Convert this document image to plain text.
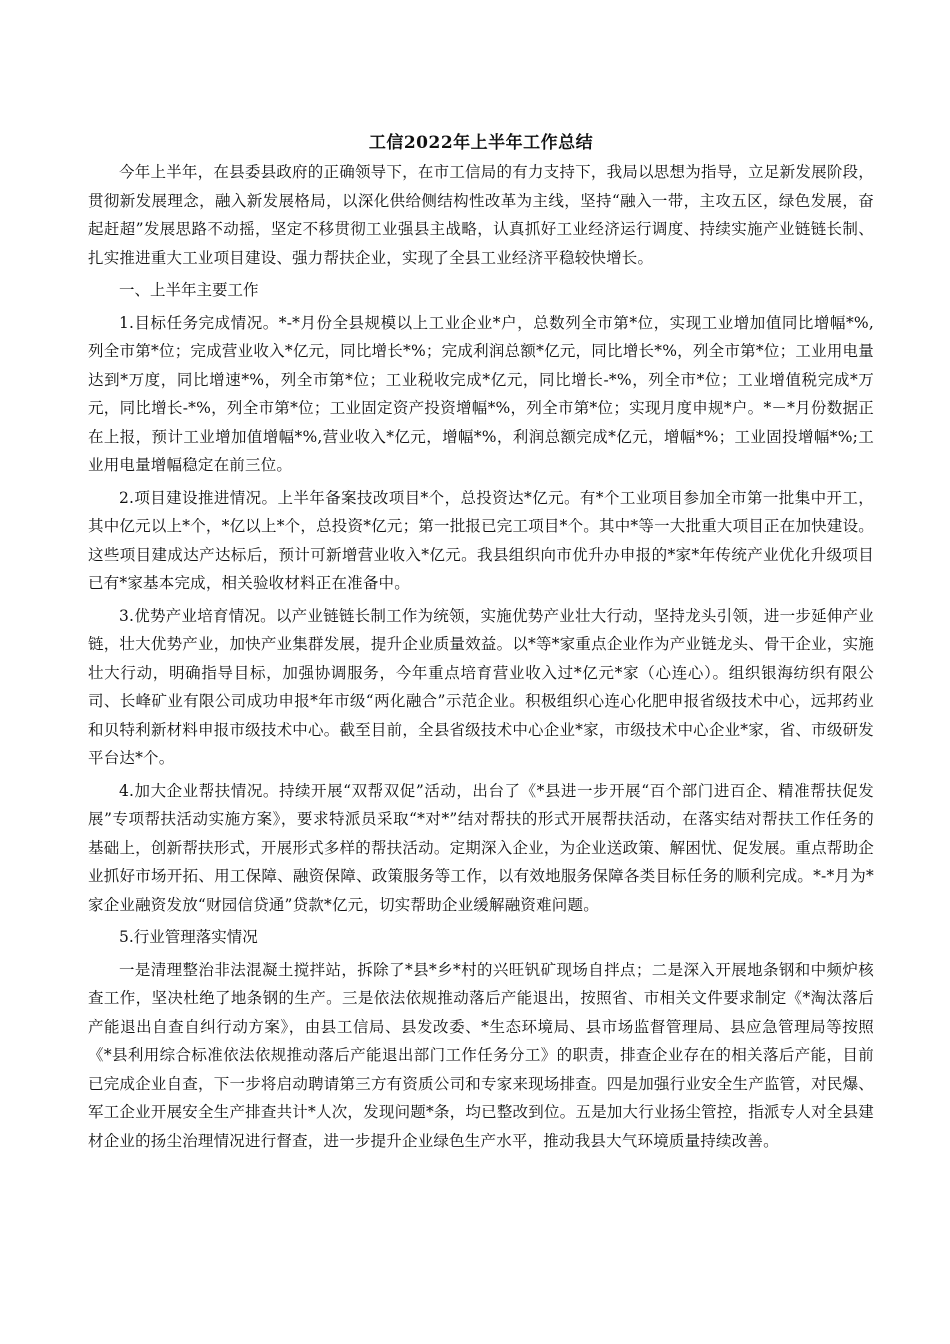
工信2022年上半年工作总结

今年上半年，在县委县政府的正确领导下，在市工信局的有力支持下，我局以思想为指导，立足新发展阶段，贯彻新发展理念，融入新发展格局，以深化供给侧结构性改革为主线，坚持“融入一带，主攻五区，绿色发展，奋起赶超”发展思路不动摇，坚定不移贯彻工业强县主战略，认真抓好工业经济运行调度、持续实施产业链链长制、扎实推进重大工业项目建设、强力帮扶企业，实现了全县工业经济平稳较快增长。

一、上半年主要工作

1.目标任务完成情况。*-*月份全县规模以上工业企业*户，总数列全市第*位，实现工业增加值同比增幅*%,列全市第*位；完成营业收入*亿元，同比增长*%；完成利润总额*亿元，同比增长*%，列全市第*位；工业用电量达到*万度，同比增速*%，列全市第*位；工业税收完成*亿元，同比增长-*%，列全市*位；工业增值税完成*万元，同比增长-*%，列全市第*位；工业固定资产投资增幅*%，列全市第*位；实现月度申规*户。*－*月份数据正在上报，预计工业增加值增幅*%,营业收入*亿元，增幅*%，利润总额完成*亿元，增幅*%；工业固投增幅*%;工业用电量增幅稳定在前三位。

2.项目建设推进情况。上半年备案技改项目*个，总投资达*亿元。有*个工业项目参加全市第一批集中开工，其中亿元以上*个，*亿以上*个，总投资*亿元；第一批报已完工项目*个。其中*等一大批重大项目正在加快建设。这些项目建成达产达标后，预计可新增营业收入*亿元。我县组织向市优升办申报的*家*年传统产业优化升级项目已有*家基本完成，相关验收材料正在准备中。

3.优势产业培育情况。以产业链链长制工作为统领，实施优势产业壮大行动，坚持龙头引领，进一步延伸产业链，壮大优势产业，加快产业集群发展，提升企业质量效益。以*等*家重点企业作为产业链龙头、骨干企业，实施壮大行动，明确指导目标，加强协调服务，今年重点培育营业收入过*亿元*家（心连心）。组织银海纺织有限公司、长峰矿业有限公司成功申报*年市级“两化融合”示范企业。积极组织心连心化肥申报省级技术中心，远邦药业和贝特利新材料申报市级技术中心。截至目前，全县省级技术中心企业*家，市级技术中心企业*家，省、市级研发平台达*个。

4.加大企业帮扶情况。持续开展“双帮双促”活动，出台了《*县进一步开展“百个部门进百企、精准帮扶促发展”专项帮扶活动实施方案》，要求特派员采取“*对*”结对帮扶的形式开展帮扶活动，在落实结对帮扶工作任务的基础上，创新帮扶形式，开展形式多样的帮扶活动。定期深入企业，为企业送政策、解困忧、促发展。重点帮助企业抓好市场开拓、用工保障、融资保障、政策服务等工作，以有效地服务保障各类目标任务的顺利完成。*-*月为*家企业融资发放“财园信贷通”贷款*亿元，切实帮助企业缓解融资难问题。

5.行业管理落实情况

一是清理整治非法混凝土搅拌站，拆除了*县*乡*村的兴旺钒矿现场自拌点；二是深入开展地条钢和中频炉核查工作，坚决杜绝了地条钢的生产。三是依法依规推动落后产能退出，按照省、市相关文件要求制定《*淘汰落后产能退出自查自纠行动方案》，由县工信局、县发改委、*生态环境局、县市场监督管理局、县应急管理局等按照《*县利用综合标准依法依规推动落后产能退出部门工作任务分工》的职责，排查企业存在的相关落后产能，目前已完成企业自查，下一步将启动聘请第三方有资质公司和专家来现场排查。四是加强行业安全生产监管，对民爆、军工企业开展安全生产排查共计*人次，发现问题*条，均已整改到位。五是加大行业扬尘管控，指派专人对全县建材企业的扬尘治理情况进行督查，进一步提升企业绿色生产水平，推动我县大气环境质量持续改善。
